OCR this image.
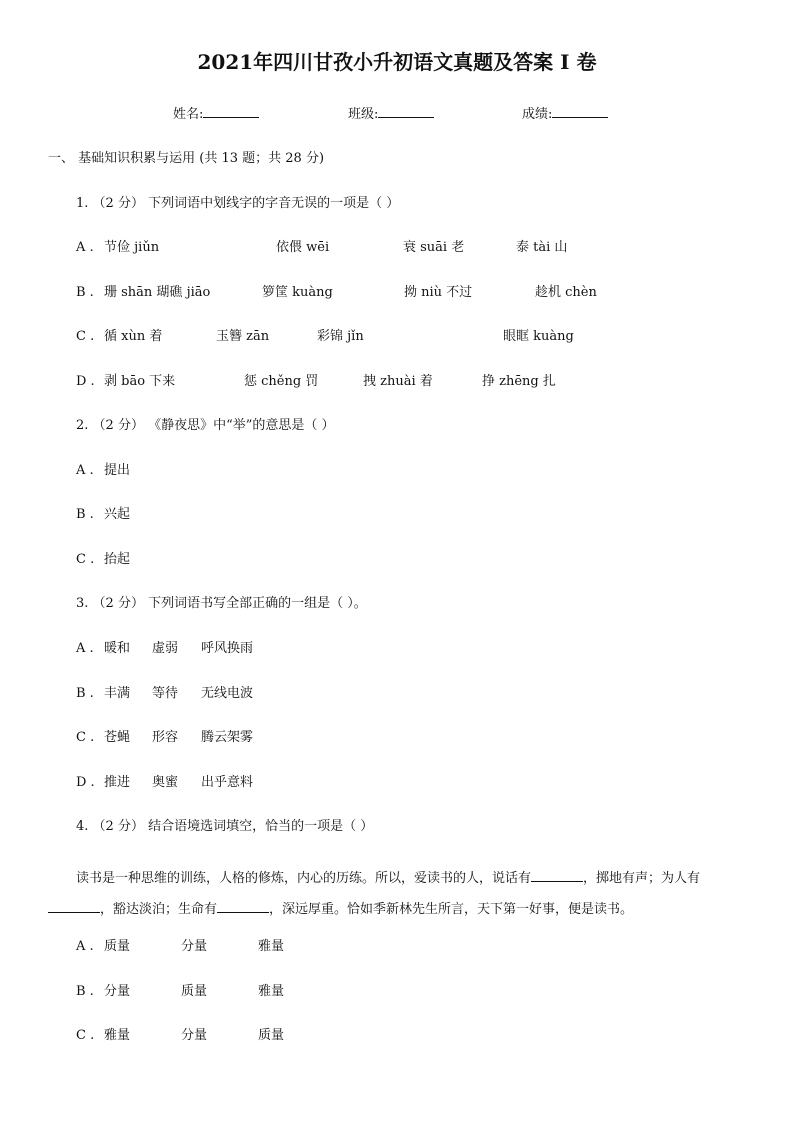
2021年四川甘孜小升初语文真题及答案 I 卷
姓名:	班级:	成绩:
一、 基础知识积累与运用 (共 13 题；共 28 分)
1. （2 分） 下列词语中划线字的字音无误的一项是（ ）
A . 节俭 jiǔn	依偎 wēi	衰 suāi 老	泰 tài 山
B . 珊 shān 瑚礁 jiāo	箩筐 kuàng	拗 niù 不过	趁机 chèn
C . 循 xùn 着	玉簪 zān	彩锦 jǐn	眼眶 kuàng
D . 剥 bāo 下来	惩 chěng 罚	拽 zhuài 着	挣 zhēng 扎
2. （2 分） 《静夜思》中“举”的意思是（ ）
A . 提出
B . 兴起
C . 抬起
3. （2 分） 下列词语书写全部正确的一组是（ ）。
A . 暖和 虚弱 呼风换雨
B . 丰满 等待 无线电波
C . 苍蝇 形容 腾云架雾
D . 推进 奥蜜 出乎意料
4. （2 分） 结合语境选词填空，恰当的一项是（ ）
读书是一种思维的训练，人格的修炼，内心的历练。所以，爱读书的人，说话有	，掷地有声；为人有，豁达淡泊；生命有	，深远厚重。恰如季新林先生所言，天下第一好事，便是读书。
A . 质量	分量	雅量
B . 分量	质量	雅量
C . 雅量	分量	质量
